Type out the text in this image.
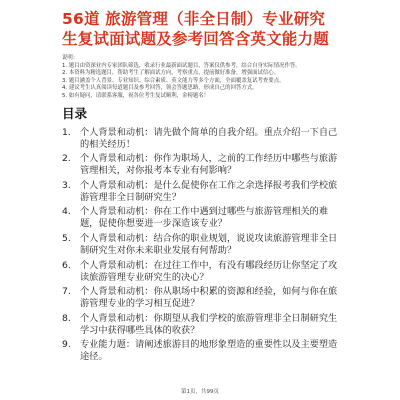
56道 旅游管理（非全日制）专业研究生复试面试题及参考回答含英文能力题
说明：
1. 题目由资深业内专家团队筛选，收录行业最新面试题目，答案仅供参考，结合自身实际情况作答。
2. 本资料为精选题目，帮助考生了解面试方向，考察重点，提前做好准备，增强面试信心。
3. 题目涵盖个人背景、专业知识、综合素质、英文能力等多个方面，全面覆盖复试考查要点。
4. 建议考生认真阅读每道题目及参考回答，领会答题思路，形成自己的回答方式。
5. 如有疑问，请联系客服，祝各位考生复试顺利，金榜题名！
目录
1.	个人背景和动机：请先做个简单的自我介绍。重点介绍一下自己的相关经历！
2.	个人背景和动机：你作为职场人，之前的工作经历中哪些与旅游管理相关，对你报考本专业有何影响？
3.	个人背景和动机：是什么促使你在工作之余选择报考我们学校旅游管理非全日制研究生？
4.	个人背景和动机：你在工作中遇到过哪些与旅游管理相关的难题，促使你想要进一步深造该专业？
5.	个人背景和动机：结合你的职业规划，说说攻读旅游管理非全日制研究生对你未来职业发展有何帮助？
6.	个人背景和动机：在过往工作中，有没有哪段经历让你坚定了攻读旅游管理专业研究生的决心？
7.	个人背景和动机：你从职场中积累的资源和经验，如何与你在旅游管理专业的学习相互促进？
8.	个人背景和动机：你期望从我们学校的旅游管理非全日制研究生学习中获得哪些具体的收获？
9.	专业能力题：请阐述旅游目的地形象塑造的重要性以及主要塑造途径。
第1页，共99页
